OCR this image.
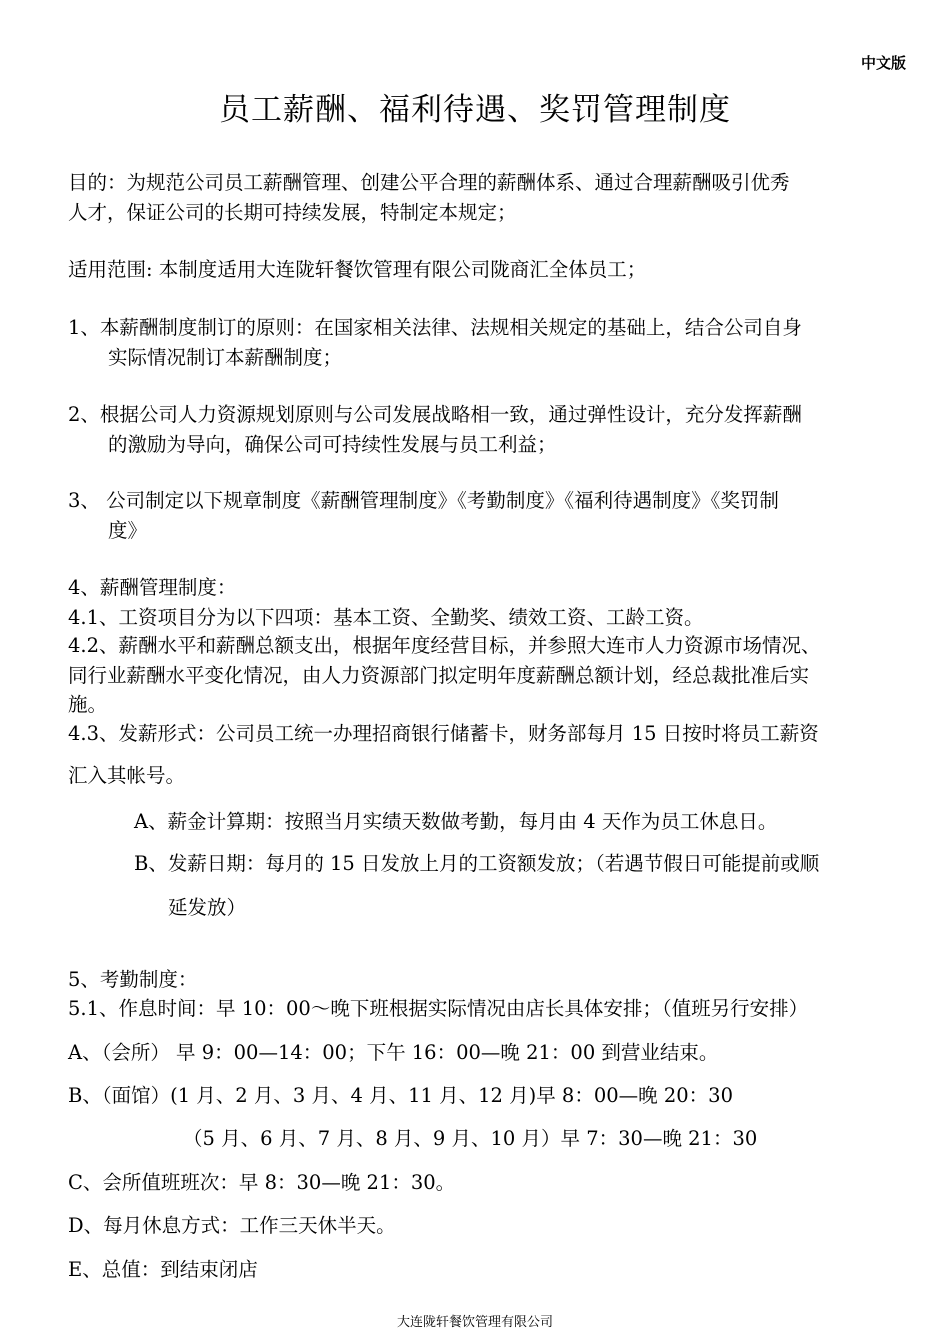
中文版
员工薪酬、福利待遇、奖罚管理制度
目的：为规范公司员工薪酬管理、创建公平合理的薪酬体系、通过合理薪酬吸引优秀
人才，保证公司的长期可持续发展，特制定本规定；
适用范围: 本制度适用大连陇轩餐饮管理有限公司陇商汇全体员工；
1、本薪酬制度制订的原则：在国家相关法律、法规相关规定的基础上，结合公司自身
实际情况制订本薪酬制度；
2、根据公司人力资源规划原则与公司发展战略相一致，通过弹性设计，充分发挥薪酬
的激励为导向，确保公司可持续性发展与员工利益；
3、 公司制定以下规章制度《薪酬管理制度》《考勤制度》《福利待遇制度》《奖罚制
度》
4、薪酬管理制度：
4.1、工资项目分为以下四项：基本工资、全勤奖、绩效工资、工龄工资。
4.2、薪酬水平和薪酬总额支出，根据年度经营目标，并参照大连市人力资源市场情况、
同行业薪酬水平变化情况，由人力资源部门拟定明年度薪酬总额计划，经总裁批准后实
施。
4.3、发薪形式：公司员工统一办理招商银行储蓄卡，财务部每月 15 日按时将员工薪资
汇入其帐号。
A、薪金计算期：按照当月实绩天数做考勤，每月由 4 天作为员工休息日。
B、发薪日期：每月的 15 日发放上月的工资额发放；（若遇节假日可能提前或顺
延发放）
5、考勤制度：
5.1、作息时间：早 10：00～晚下班根据实际情况由店长具体安排；（值班另行安排）
A、（会所） 早 9：00—14：00；下午 16：00—晚 21：00 到营业结束。
B、（面馆）(1 月、2 月、3 月、4 月、11 月、12 月)早 8：00—晚 20：30
（5 月、6 月、7 月、8 月、9 月、10 月）早 7：30—晚 21：30
C、会所值班班次：早 8：30—晚 21：30。
D、每月休息方式：工作三天休半天。
E、总值：到结束闭店
大连陇轩餐饮管理有限公司
